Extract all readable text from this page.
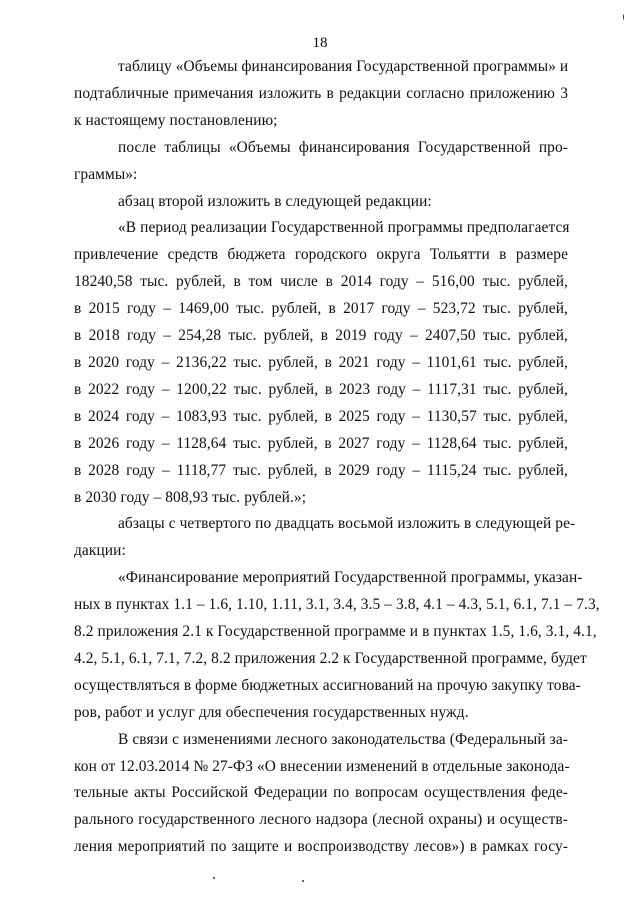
18

таблицу «Объемы финансирования Государственной программы» и
подтабличные примечания изложить в редакции согласно приложению 3
к настоящему постановлению;

после таблицы «Объемы финансирования Государственной про-
граммы»:

абзац второй изложить в следующей редакции:

«В период реализации Государственной программы предполагается
привлечение средств бюджета городского округа Тольятти в размере
18240,58 тыс. рублей, в том числе в 2014 году – 516,00 тыс. рублей,
в 2015 году – 1469,00 тыс. рублей, в 2017 году – 523,72 тыс. рублей,
в 2018 году – 254,28 тыс. рублей, в 2019 году – 2407,50 тыс. рублей,
в 2020 году – 2136,22 тыс. рублей, в 2021 году – 1101,61 тыс. рублей,
в 2022 году – 1200,22 тыс. рублей, в 2023 году – 1117,31 тыс. рублей,
в 2024 году – 1083,93 тыс. рублей, в 2025 году – 1130,57 тыс. рублей,
в 2026 году – 1128,64 тыс. рублей, в 2027 году – 1128,64 тыс. рублей,
в 2028 году – 1118,77 тыс. рублей, в 2029 году – 1115,24 тыс. рублей,
в 2030 году – 808,93 тыс. рублей.»;

абзацы с четвертого по двадцать восьмой изложить в следующей ре-
дакции:

«Финансирование мероприятий Государственной программы, указан-
ных в пунктах 1.1 – 1.6, 1.10, 1.11, 3.1, 3.4, 3.5 – 3.8, 4.1 – 4.3, 5.1, 6.1, 7.1 – 7.3,
8.2 приложения 2.1 к Государственной программе и в пунктах 1.5, 1.6, 3.1, 4.1,
4.2, 5.1, 6.1, 7.1, 7.2, 8.2 приложения 2.2 к Государственной программе, будет
осуществляться в форме бюджетных ассигнований на прочую закупку това-
ров, работ и услуг для обеспечения государственных нужд.

В связи с изменениями лесного законодательства (Федеральный за-
кон от 12.03.2014 № 27-ФЗ «О внесении изменений в отдельные законода-
тельные акты Российской Федерации по вопросам осуществления феде-
рального государственного лесного надзора (лесной охраны) и осуществ-
ления мероприятий по защите и воспроизводству лесов») в рамках госу-
